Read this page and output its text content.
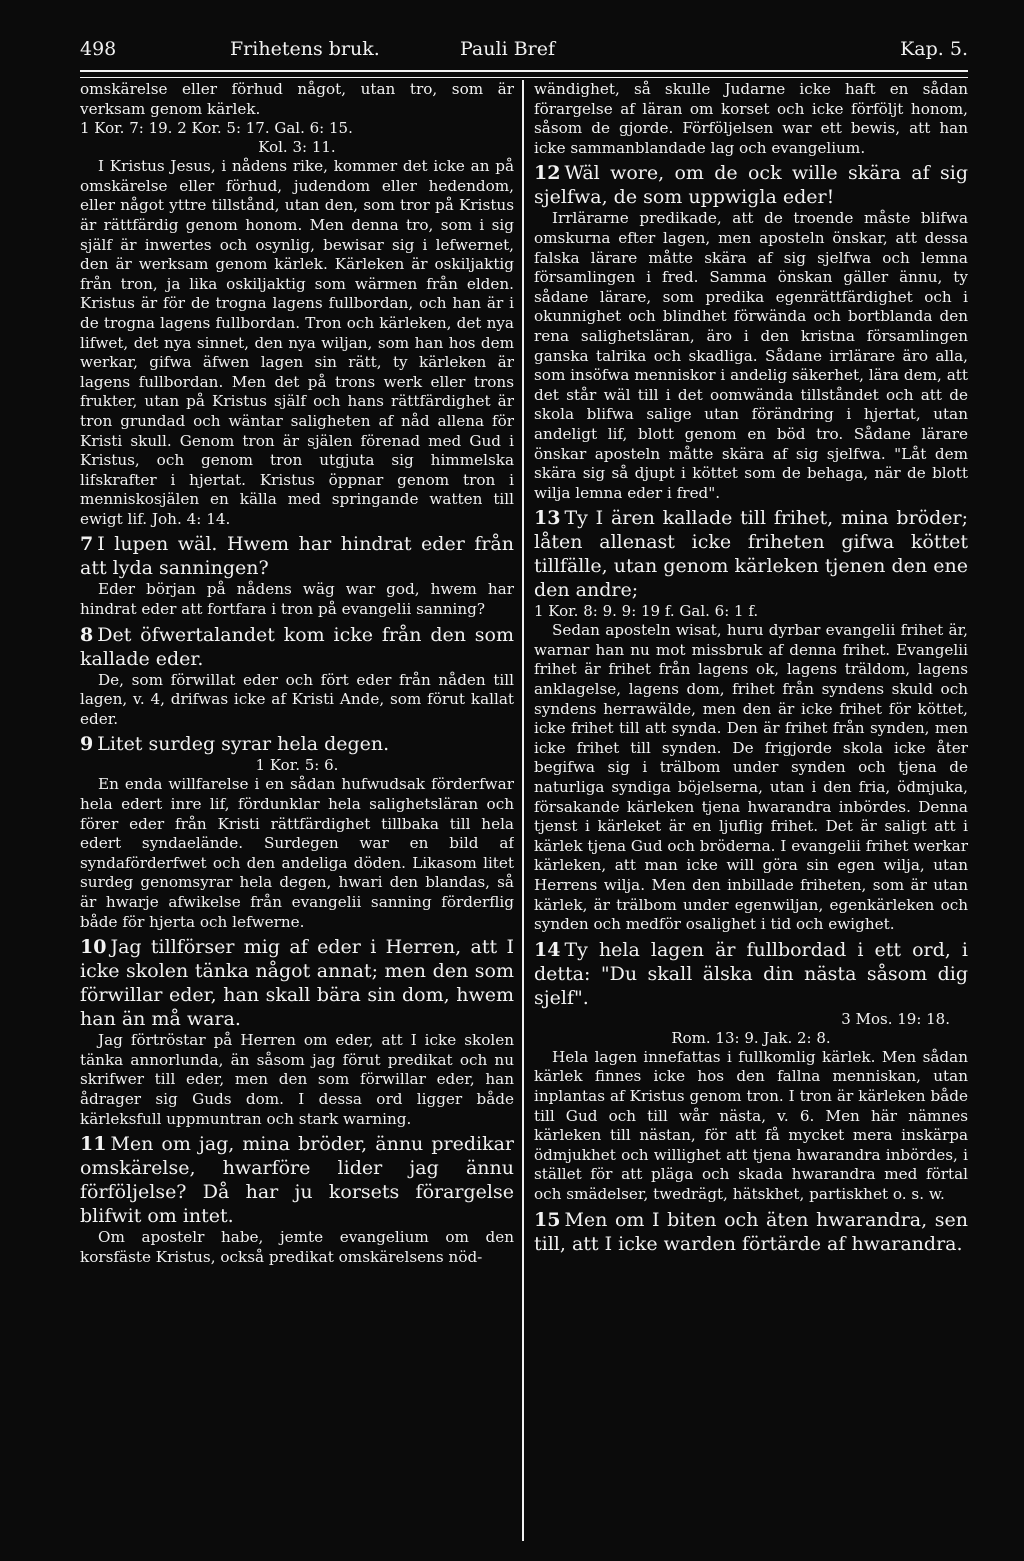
498	Frihetens bruk.	Pauli Bref	Kap. 5.

omskärelse eller förhud något, utan tro, som är verksam genom kärlek.

1 Kor. 7: 19. 2 Kor. 5: 17. Gal. 6: 15.

Kol. 3: 11.

I Kristus Jesus, i nådens rike, kommer det icke an på omskärelse eller förhud, judendom eller hedendom, eller något yttre tillstånd, utan den, som tror på Kristus är rättfärdig genom honom. Men denna tro, som i sig själf är inwertes och osynlig, bewisar sig i lefwernet, den är werksam genom kärlek. Kärleken är oskiljaktig från tron, ja lika oskiljaktig som wärmen från elden. Kristus är för de trogna lagens fullbordan, och han är i de trogna lagens fullbordan. Tron och kärleken, det nya lifwet, det nya sinnet, den nya wiljan, som han hos dem werkar, gifwa äfwen lagen sin rätt, ty kärleken är lagens fullbordan. Men det på trons werk eller trons frukter, utan på Kristus själf och hans rättfärdighet är tron grundad och wäntar saligheten af nåd allena för Kristi skull. Genom tron är själen förenad med Gud i Kristus, och genom tron utgjuta sig himmelska lifskrafter i hjertat. Kristus öppnar genom tron i menniskosjälen en källa med springande watten till ewigt lif. Joh. 4: 14.

7 I lupen wäl. Hwem har hindrat eder från att lyda sanningen?

Eder början på nådens wäg war god, hwem har hindrat eder att fortfara i tron på evangelii sanning?

8 Det öfwertalandet kom icke från den som kallade eder.

De, som förwillat eder och fört eder från nåden till lagen, v. 4, drifwas icke af Kristi Ande, som förut kallat eder.

9 Litet surdeg syrar hela degen.

1 Kor. 5: 6.

En enda willfarelse i en sådan hufwudsak förderfwar hela edert inre lif, fördunklar hela salighetsläran och förer eder från Kristi rättfärdighet tillbaka till hela edert syndaelände. Surdegen war en bild af syndaförderfwet och den andeliga döden. Likasom litet surdeg genomsyrar hela degen, hwari den blandas, så är hwarje afwikelse från evangelii sanning förderflig både för hjerta och lefwerne.

10 Jag tillförser mig af eder i Herren, att I icke skolen tänka något annat; men den som förwillar eder, han skall bära sin dom, hwem han än må wara.

Jag förtröstar på Herren om eder, att I icke skolen tänka annorlunda, än såsom jag förut predikat och nu skrifwer till eder, men den som förwillar eder, han ådrager sig Guds dom. I dessa ord ligger både kärleksfull uppmuntran och stark warning.

11 Men om jag, mina bröder, ännu predikar omskärelse, hwarföre lider jag ännu förföljelse? Då har ju korsets förargelse blifwit om intet.

Om apostelr habe, jemte evangelium om den korsfäste Kristus, också predikat omskärelsens nöd-

wändighet, så skulle Judarne icke haft en sådan förargelse af läran om korset och icke förföljt honom, såsom de gjorde. Förföljelsen war ett bewis, att han icke sammanblandade lag och evangelium.

12 Wäl wore, om de ock wille skära af sig sjelfwa, de som uppwigla eder!

Irrlärarne predikade, att de troende måste blifwa omskurna efter lagen, men aposteln önskar, att dessa falska lärare måtte skära af sig sjelfwa och lemna församlingen i fred. Samma önskan gäller ännu, ty sådane lärare, som predika egenrättfärdighet och i okunnighet och blindhet förwända och bortblanda den rena salighetsläran, äro i den kristna församlingen ganska talrika och skadliga. Sådane irrlärare äro alla, som insöfwa menniskor i andelig säkerhet, lära dem, att det står wäl till i det oomwända tillståndet och att de skola blifwa salige utan förändring i hjertat, utan andeligt lif, blott genom en böd tro. Sådane lärare önskar aposteln måtte skära af sig sjelfwa. "Låt dem skära sig så djupt i köttet som de behaga, när de blott wilja lemna eder i fred".

13 Ty I ären kallade till frihet, mina bröder; låten allenast icke friheten gifwa köttet tillfälle, utan genom kärleken tjenen den ene den andre;

1 Kor. 8: 9. 9: 19 f. Gal. 6: 1 f.

Sedan aposteln wisat, huru dyrbar evangelii frihet är, warnar han nu mot missbruk af denna frihet. Evangelii frihet är frihet från lagens ok, lagens träldom, lagens anklagelse, lagens dom, frihet från syndens skuld och syndens herrawälde, men den är icke frihet för köttet, icke frihet till att synda. Den är frihet från synden, men icke frihet till synden. De frigjorde skola icke åter begifwa sig i trälbom under synden och tjena de naturliga syndiga böjelserna, utan i den fria, ödmjuka, försakande kärleken tjena hwarandra inbördes. Denna tjenst i kärleket är en ljuflig frihet. Det är saligt att i kärlek tjena Gud och bröderna. I evangelii frihet werkar kärleken, att man icke will göra sin egen wilja, utan Herrens wilja. Men den inbillade friheten, som är utan kärlek, är trälbom under egenwiljan, egenkärleken och synden och medför osalighet i tid och ewighet.

14 Ty hela lagen är fullbordad i ett ord, i detta: "Du skall älska din nästa såsom dig sjelf".

3 Mos. 19: 18.

Rom. 13: 9. Jak. 2: 8.

Hela lagen innefattas i fullkomlig kärlek. Men sådan kärlek finnes icke hos den fallna menniskan, utan inplantas af Kristus genom tron. I tron är kärleken både till Gud och till wår nästa, v. 6. Men här nämnes kärleken till nästan, för att få mycket mera inskärpa ödmjukhet och willighet att tjena hwarandra inbördes, i stället för att pläga och skada hwarandra med förtal och smädelser, twedrägt, hätskhet, partiskhet o. s. w.

15 Men om I biten och äten hwarandra, sen till, att I icke warden förtärde af hwarandra.
